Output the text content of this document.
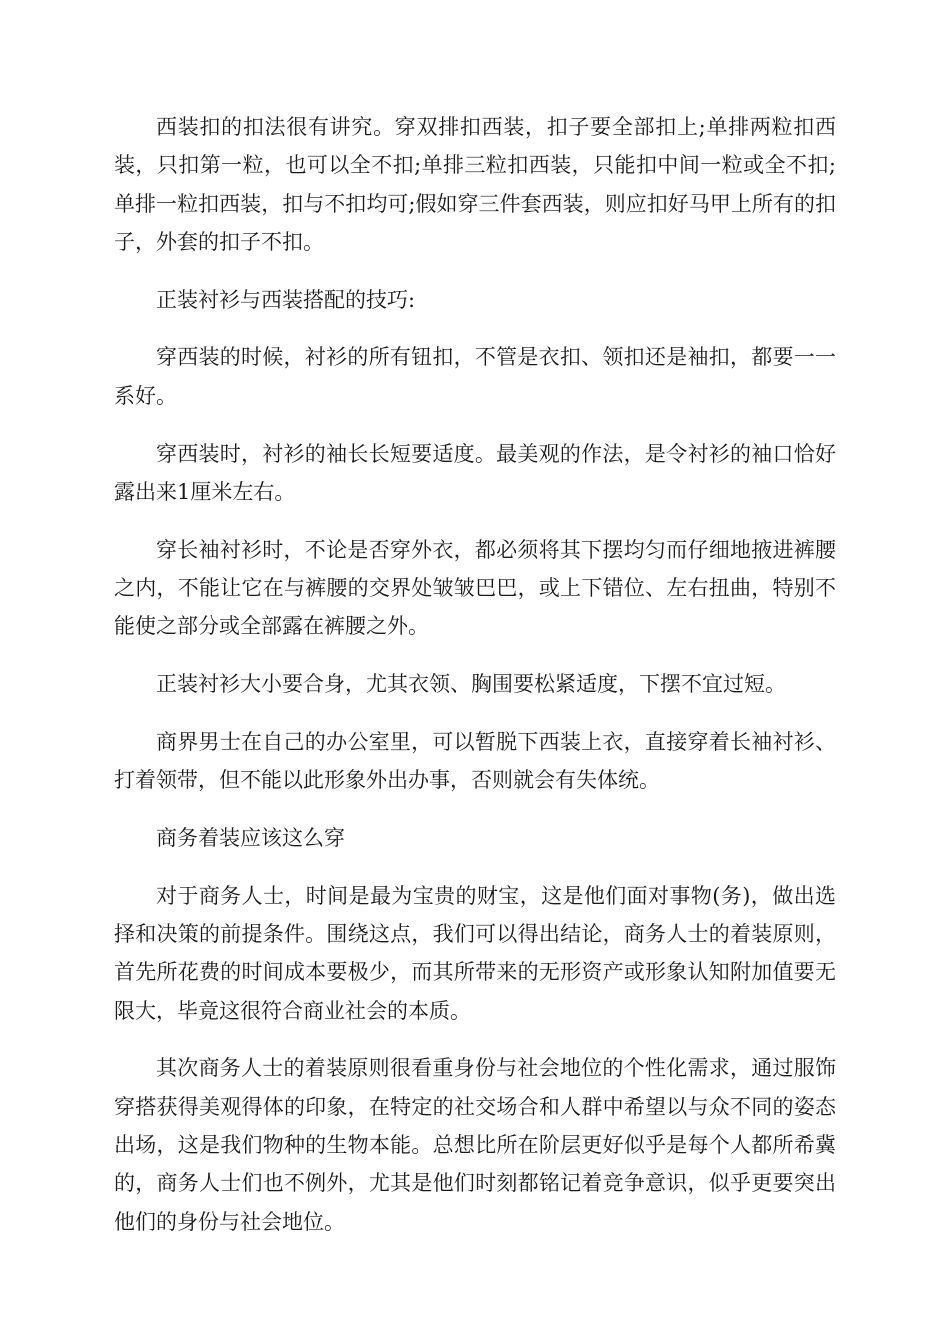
西装扣的扣法很有讲究。穿双排扣西装，扣子要全部扣上;单排两粒扣西装，只扣第一粒，也可以全不扣;单排三粒扣西装，只能扣中间一粒或全不扣;单排一粒扣西装，扣与不扣均可;假如穿三件套西装，则应扣好马甲上所有的扣子，外套的扣子不扣。

正装衬衫与西装搭配的技巧:

穿西装的时候，衬衫的所有钮扣，不管是衣扣、领扣还是袖扣，都要一一系好。

穿西装时，衬衫的袖长长短要适度。最美观的作法，是令衬衫的袖口恰好露出来1厘米左右。

穿长袖衬衫时，不论是否穿外衣，都必须将其下摆均匀而仔细地掖进裤腰之内，不能让它在与裤腰的交界处皱皱巴巴，或上下错位、左右扭曲，特别不能使之部分或全部露在裤腰之外。

正装衬衫大小要合身，尤其衣领、胸围要松紧适度，下摆不宜过短。

商界男士在自己的办公室里，可以暂脱下西装上衣，直接穿着长袖衬衫、打着领带，但不能以此形象外出办事，否则就会有失体统。

商务着装应该这么穿

对于商务人士，时间是最为宝贵的财宝，这是他们面对事物(务)，做出选择和决策的前提条件。围绕这点，我们可以得出结论，商务人士的着装原则，首先所花费的时间成本要极少，而其所带来的无形资产或形象认知附加值要无限大，毕竟这很符合商业社会的本质。

其次商务人士的着装原则很看重身份与社会地位的个性化需求，通过服饰穿搭获得美观得体的印象，在特定的社交场合和人群中希望以与众不同的姿态出场，这是我们物种的生物本能。总想比所在阶层更好似乎是每个人都所希冀的，商务人士们也不例外，尤其是他们时刻都铭记着竞争意识，似乎更要突出他们的身份与社会地位。
